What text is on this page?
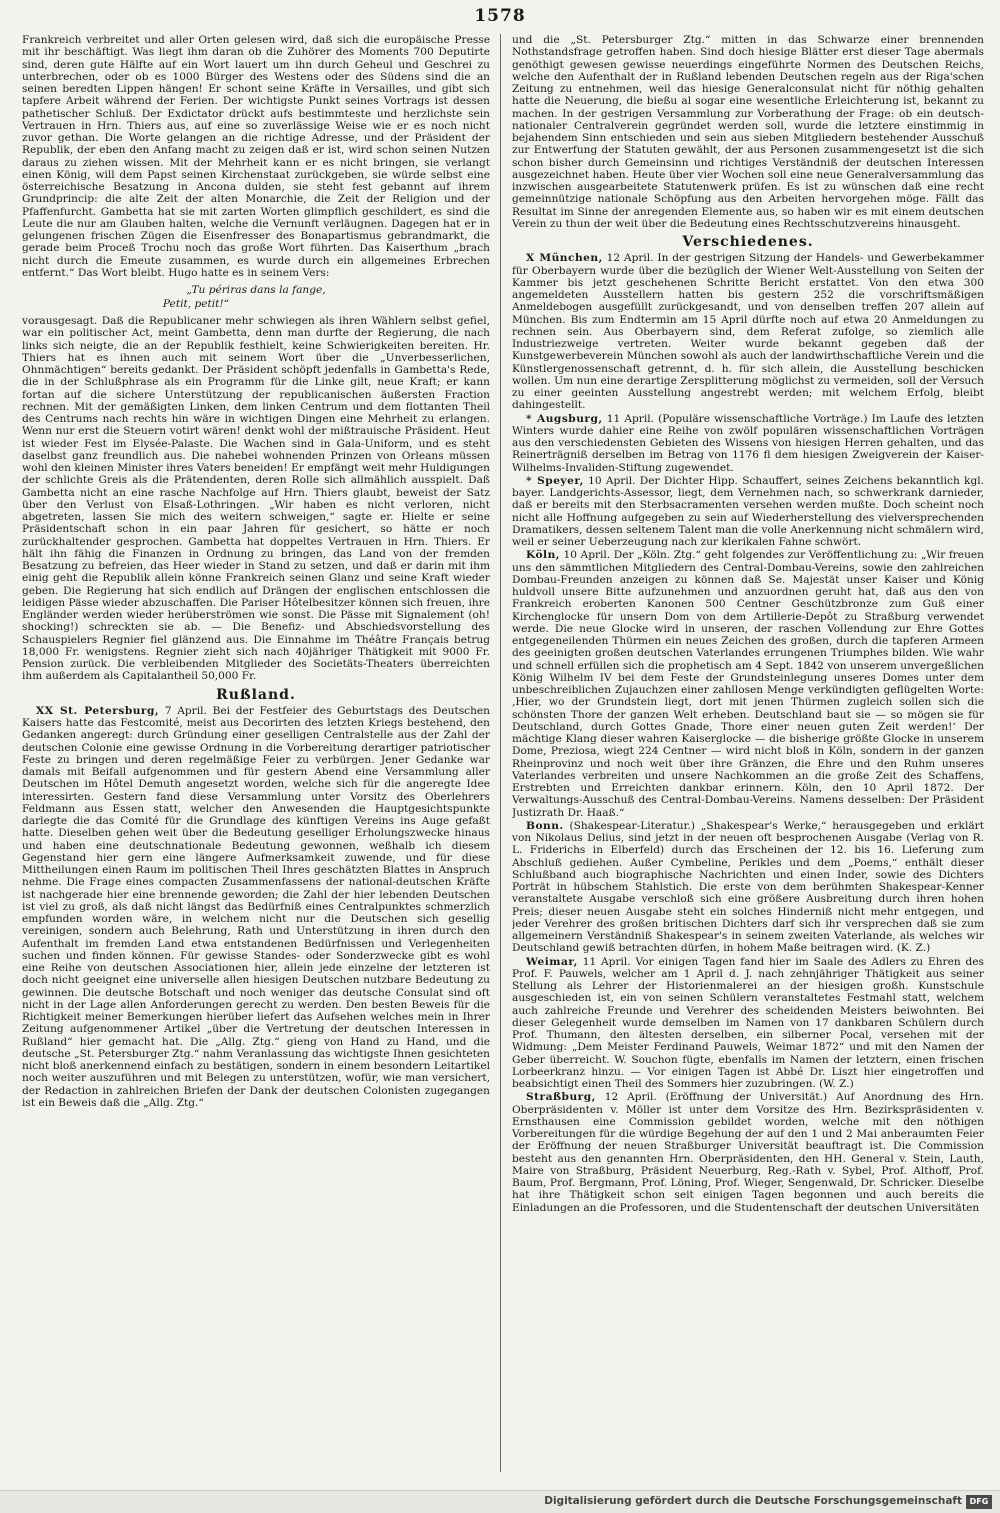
1578

Frankreich verbreitet und aller Orten gelesen wird, daß sich die europäische Presse mit ihr beschäftigt. Was liegt ihm daran ob die Zuhörer des Moments 700 Deputirte sind, deren gute Hälfte auf ein Wort lauert um ihn durch Geheul und Geschrei zu unterbrechen, oder ob es 1000 Bürger des Westens oder des Südens sind die an seinen beredten Lippen hängen! Er schont seine Kräfte in Versailles, und gibt sich tapfere Arbeit während der Ferien. Der wichtigste Punkt seines Vortrags ist dessen pathetischer Schluß. Der Exdictator drückt aufs bestimmteste und herzlichste sein Vertrauen in Hrn. Thiers aus, auf eine so zuverlässige Weise wie er es noch nicht zuvor gethan. Die Worte gelangen an die richtige Adresse, und der Präsident der Republik, der eben den Anfang macht zu zeigen daß er ist, wird schon seinen Nutzen daraus zu ziehen wissen. Mit der Mehrheit kann er es nicht bringen, sie verlangt einen König, will dem Papst seinen Kirchenstaat zurückgeben, sie würde selbst eine österreichische Besatzung in Ancona dulden, sie steht fest gebannt auf ihrem Grundprincip: die alte Zeit der alten Monarchie, die Zeit der Religion und der Pfaffenfurcht. Gambetta hat sie mit zarten Worten glimpflich geschildert, es sind die Leute die nur am Glauben halten, welche die Vernunft verläugnen. Dagegen hat er in gelungenen frischen Zügen die Eisenfresser des Bonapartismus gebrandmarkt, die gerade beim Proceß Trochu noch das große Wort führten. Das Kaiserthum „brach nicht durch die Emeute zusammen, es wurde durch ein allgemeines Erbrechen entfernt.“ Das Wort bleibt. Hugo hatte es in seinem Vers:

„Tu périras dans la fange,

Petit, petit!“

vorausgesagt. Daß die Republicaner mehr schwiegen als ihren Wählern selbst gefiel, war ein politischer Act, meint Gambetta, denn man durfte der Regierung, die nach links sich neigte, die an der Republik festhielt, keine Schwierigkeiten bereiten. Hr. Thiers hat es ihnen auch mit seinem Wort über die „Unverbesserlichen, Ohnmächtigen“ bereits gedankt. Der Präsident schöpft jedenfalls in Gambetta's Rede, die in der Schlußphrase als ein Programm für die Linke gilt, neue Kraft; er kann fortan auf die sichere Unterstützung der republicanischen äußersten Fraction rechnen. Mit der gemäßigten Linken, dem linken Centrum und dem flottanten Theil des Centrums nach rechts hin wäre in wichtigen Dingen eine Mehrheit zu erlangen. Wenn nur erst die Steuern votirt wären! denkt wohl der mißtrauische Präsident. Heut ist wieder Fest im Elysée-Palaste. Die Wachen sind in Gala-Uniform, und es steht daselbst ganz freundlich aus. Die nahebei wohnenden Prinzen von Orleans müssen wohl den kleinen Minister ihres Vaters beneiden! Er empfängt weit mehr Huldigungen der schlichte Greis als die Prätendenten, deren Rolle sich allmählich ausspielt. Daß Gambetta nicht an eine rasche Nachfolge auf Hrn. Thiers glaubt, beweist der Satz über den Verlust von Elsaß-Lothringen. „Wir haben es nicht verloren, nicht abgetreten, lassen Sie mich des weitern schweigen,“ sagte er. Hielte er seine Präsidentschaft schon in ein paar Jahren für gesichert, so hätte er noch zurückhaltender gesprochen. Gambetta hat doppeltes Vertrauen in Hrn. Thiers. Er hält ihn fähig die Finanzen in Ordnung zu bringen, das Land von der fremden Besatzung zu befreien, das Heer wieder in Stand zu setzen, und daß er darin mit ihm einig geht die Republik allein könne Frankreich seinen Glanz und seine Kraft wieder geben. Die Regierung hat sich endlich auf Drängen der englischen entschlossen die leidigen Pässe wieder abzuschaffen. Die Pariser Hôtelbesitzer können sich freuen, ihre Engländer werden wieder herüberströmen wie sonst. Die Pässe mit Signalement (oh! shocking!) schreckten sie ab. — Die Benefiz- und Abschiedsvorstellung des Schauspielers Regnier fiel glänzend aus. Die Einnahme im Théâtre Français betrug 18,000 Fr. wenigstens. Regnier zieht sich nach 40jähriger Thätigkeit mit 9000 Fr. Pension zurück. Die verbleibenden Mitglieder des Societäts-Theaters überreichten ihm außerdem als Capitalantheil 50,000 Fr.

Rußland.

XX St. Petersburg, 7 April. Bei der Festfeier des Geburtstags des Deutschen Kaisers hatte das Festcomité, meist aus Decorirten des letzten Kriegs bestehend, den Gedanken angeregt: durch Gründung einer geselligen Centralstelle aus der Zahl der deutschen Colonie eine gewisse Ordnung in die Vorbereitung derartiger patriotischer Feste zu bringen und deren regelmäßige Feier zu verbürgen. Jener Gedanke war damals mit Beifall aufgenommen und für gestern Abend eine Versammlung aller Deutschen im Hôtel Demuth angesetzt worden, welche sich für die angeregte Idee interessirten. Gestern fand diese Versammlung unter Vorsitz des Oberlehrers Feldmann aus Essen statt, welcher den Anwesenden die Hauptgesichtspunkte darlegte die das Comité für die Grundlage des künftigen Vereins ins Auge gefaßt hatte. Dieselben gehen weit über die Bedeutung geselliger Erholungszwecke hinaus und haben eine deutschnationale Bedeutung gewonnen, weßhalb ich diesem Gegenstand hier gern eine längere Aufmerksamkeit zuwende, und für diese Mittheilungen einen Raum im politischen Theil Ihres geschätzten Blattes in Anspruch nehme. Die Frage eines compacten Zusammenfassens der national-deutschen Kräfte ist nachgerade hier eine brennende geworden; die Zahl der hier lebenden Deutschen ist viel zu groß, als daß nicht längst das Bedürfniß eines Centralpunktes schmerzlich empfunden worden wäre, in welchem nicht nur die Deutschen sich gesellig vereinigen, sondern auch Belehrung, Rath und Unterstützung in ihren durch den Aufenthalt im fremden Land etwa entstandenen Bedürfnissen und Verlegenheiten suchen und finden können. Für gewisse Standes- oder Sonderzwecke gibt es wohl eine Reihe von deutschen Associationen hier, allein jede einzelne der letzteren ist doch nicht geeignet eine universelle allen hiesigen Deutschen nutzbare Bedeutung zu gewinnen. Die deutsche Botschaft und noch weniger das deutsche Consulat sind oft nicht in der Lage allen Anforderungen gerecht zu werden. Den besten Beweis für die Richtigkeit meiner Bemerkungen hierüber liefert das Aufsehen welches mein in Ihrer Zeitung aufgenommener Artikel „über die Vertretung der deutschen Interessen in Rußland“ hier gemacht hat. Die „Allg. Ztg.“ gieng von Hand zu Hand, und die deutsche „St. Petersburger Ztg.“ nahm Veranlassung das wichtigste Ihnen gesichteten nicht bloß anerkennend einfach zu bestätigen, sondern in einem besondern Leitartikel noch weiter auszuführen und mit Belegen zu unterstützen, wofür, wie man versichert, der Redaction in zahlreichen Briefen der Dank der deutschen Colonisten zugegangen ist ein Beweis daß die „Allg. Ztg.“

und die „St. Petersburger Ztg.“ mitten in das Schwarze einer brennenden Nothstandsfrage getroffen haben. Sind doch hiesige Blätter erst dieser Tage abermals genöthigt gewesen gewisse neuerdings eingeführte Normen des Deutschen Reichs, welche den Aufenthalt der in Rußland lebenden Deutschen regeln aus der Riga'schen Zeitung zu entnehmen, weil das hiesige Generalconsulat nicht für nöthig gehalten hatte die Neuerung, die bießu al sogar eine wesentliche Erleichterung ist, bekannt zu machen. In der gestrigen Versammlung zur Vorberathung der Frage: ob ein deutsch-nationaler Centralverein gegründet werden soll, wurde die letztere einstimmig in bejahendem Sinn entschieden und sein aus sieben Mitgliedern bestehender Ausschuß zur Entwerfung der Statuten gewählt, der aus Personen zusammengesetzt ist die sich schon bisher durch Gemeinsinn und richtiges Verständniß der deutschen Interessen ausgezeichnet haben. Heute über vier Wochen soll eine neue Generalversammlung das inzwischen ausgearbeitete Statutenwerk prüfen. Es ist zu wünschen daß eine recht gemeinnützige nationale Schöpfung aus den Arbeiten hervorgehen möge. Fällt das Resultat im Sinne der anregenden Elemente aus, so haben wir es mit einem deutschen Verein zu thun der weit über die Bedeutung eines Rechtsschutzvereins hinausgeht.

Verschiedenes.

X München, 12 April. In der gestrigen Sitzung der Handels- und Gewerbekammer für Oberbayern wurde über die bezüglich der Wiener Welt-Ausstellung von Seiten der Kammer bis jetzt geschehenen Schritte Bericht erstattet. Von den etwa 300 angemeldeten Ausstellern hatten bis gestern 252 die vorschriftsmäßigen Anmeldebogen ausgefüllt zurückgesandt, und von denselben treffen 207 allein auf München. Bis zum Endtermin am 15 April dürfte noch auf etwa 20 Anmeldungen zu rechnen sein. Aus Oberbayern sind, dem Referat zufolge, so ziemlich alle Industriezweige vertreten. Weiter wurde bekannt gegeben daß der Kunstgewerbeverein München sowohl als auch der landwirthschaftliche Verein und die Künstlergenossenschaft getrennt, d. h. für sich allein, die Ausstellung beschicken wollen. Um nun eine derartige Zersplitterung möglichst zu vermeiden, soll der Versuch zu einer geeinten Ausstellung angestrebt werden; mit welchem Erfolg, bleibt dahingestellt.

* Augsburg, 11 April. (Populäre wissenschaftliche Vorträge.) Im Laufe des letzten Winters wurde dahier eine Reihe von zwölf populären wissenschaftlichen Vorträgen aus den verschiedensten Gebieten des Wissens von hiesigen Herren gehalten, und das Reinerträgniß derselben im Betrag von 1176 fl dem hiesigen Zweigverein der Kaiser-Wilhelms-Invaliden-Stiftung zugewendet.

* Speyer, 10 April. Der Dichter Hipp. Schauffert, seines Zeichens bekanntlich kgl. bayer. Landgerichts-Assessor, liegt, dem Vernehmen nach, so schwerkrank darnieder, daß er bereits mit den Sterbsacramenten versehen werden mußte. Doch scheint noch nicht alle Hoffnung aufgegeben zu sein auf Wiederherstellung des vielversprechenden Dramatikers, dessen seltenem Talent man die volle Anerkennung nicht schmälern wird, weil er seiner Ueberzeugung nach zur klerikalen Fahne schwört.

Köln, 10 April. Der „Köln. Ztg.“ geht folgendes zur Veröffentlichung zu: „Wir freuen uns den sämmtlichen Mitgliedern des Central-Dombau-Vereins, sowie den zahlreichen Dombau-Freunden anzeigen zu können daß Se. Majestät unser Kaiser und König huldvoll unsere Bitte aufzunehmen und anzuordnen geruht hat, daß aus den von Frankreich eroberten Kanonen 500 Centner Geschützbronze zum Guß einer Kirchenglocke für unsern Dom von dem Artillerie-Depôt zu Straßburg verwendet werde. Die neue Glocke wird in unseren, der raschen Vollendung zur Ehre Gottes entgegeneilenden Thürmen ein neues Zeichen des großen, durch die tapferen Armeen des geeinigten großen deutschen Vaterlandes errungenen Triumphes bilden. Wie wahr und schnell erfüllen sich die prophetisch am 4 Sept. 1842 von unserem unvergeßlichen König Wilhelm IV bei dem Feste der Grundsteinlegung unseres Domes unter dem unbeschreiblichen Zujauchzen einer zahllosen Menge verkündigten geflügelten Worte: ‚Hier, wo der Grundstein liegt, dort mit jenen Thürmen zugleich sollen sich die schönsten Thore der ganzen Welt erheben. Deutschland baut sie — so mögen sie für Deutschland, durch Gottes Gnade, Thore einer neuen guten Zeit werden!‘ Der mächtige Klang dieser wahren Kaiserglocke — die bisherige größte Glocke in unserem Dome, Preziosa, wiegt 224 Centner — wird nicht bloß in Köln, sondern in der ganzen Rheinprovinz und noch weit über ihre Gränzen, die Ehre und den Ruhm unseres Vaterlandes verbreiten und unsere Nachkommen an die große Zeit des Schaffens, Erstrebten und Erreichten dankbar erinnern. Köln, den 10 April 1872. Der Verwaltungs-Ausschuß des Central-Dombau-Vereins. Namens desselben: Der Präsident Justizrath Dr. Haaß.“

Bonn. (Shakespear-Literatur.) „Shakespear's Werke,“ herausgegeben und erklärt von Nikolaus Delius, sind jetzt in der neuen oft besprochenen Ausgabe (Verlag von R. L. Friderichs in Elberfeld) durch das Erscheinen der 12. bis 16. Lieferung zum Abschluß gediehen. Außer Cymbeline, Perikles und dem „Poems,“ enthält dieser Schlußband auch biographische Nachrichten und einen Inder, sowie des Dichters Porträt in hübschem Stahlstich. Die erste von dem berühmten Shakespear-Kenner veranstaltete Ausgabe verschloß sich eine größere Ausbreitung durch ihren hohen Preis; dieser neuen Ausgabe steht ein solches Hinderniß nicht mehr entgegen, und jeder Verehrer des großen britischen Dichters darf sich ihr versprechen daß sie zum allgemeinern Verständniß Shakespear's in seinem zweiten Vaterlande, als welches wir Deutschland gewiß betrachten dürfen, in hohem Maße beitragen wird. (K. Z.)

Weimar, 11 April. Vor einigen Tagen fand hier im Saale des Adlers zu Ehren des Prof. F. Pauwels, welcher am 1 April d. J. nach zehnjähriger Thätigkeit aus seiner Stellung als Lehrer der Historienmalerei an der hiesigen großh. Kunstschule ausgeschieden ist, ein von seinen Schülern veranstaltetes Festmahl statt, welchem auch zahlreiche Freunde und Verehrer des scheidenden Meisters beiwohnten. Bei dieser Gelegenheit wurde demselben im Namen von 17 dankbaren Schülern durch Prof. Thumann, den ältesten derselben, ein silberner Pocal, versehen mit der Widmung: „Dem Meister Ferdinand Pauwels, Weimar 1872“ und mit den Namen der Geber überreicht. W. Souchon fügte, ebenfalls im Namen der letztern, einen frischen Lorbeerkranz hinzu. — Vor einigen Tagen ist Abbé Dr. Liszt hier eingetroffen und beabsichtigt einen Theil des Sommers hier zuzubringen. (W. Z.)

Straßburg, 12 April. (Eröffnung der Universität.) Auf Anordnung des Hrn. Oberpräsidenten v. Möller ist unter dem Vorsitze des Hrn. Bezirkspräsidenten v. Ernsthausen eine Commission gebildet worden, welche mit den nöthigen Vorbereitungen für die würdige Begehung der auf den 1 und 2 Mai anberaumten Feier der Eröffnung der neuen Straßburger Universität beauftragt ist. Die Commission besteht aus den genannten Hrn. Oberpräsidenten, den HH. General v. Stein, Lauth, Maire von Straßburg, Präsident Neuerburg, Reg.-Rath v. Sybel, Prof. Althoff, Prof. Baum, Prof. Bergmann, Prof. Löning, Prof. Wieger, Sengenwald, Dr. Schricker. Dieselbe hat ihre Thätigkeit schon seit einigen Tagen begonnen und auch bereits die Einladungen an die Professoren, und die Studentenschaft der deutschen Universitäten

Digitalisierung gefördert durch die Deutsche Forschungsgemeinschaft DFG
